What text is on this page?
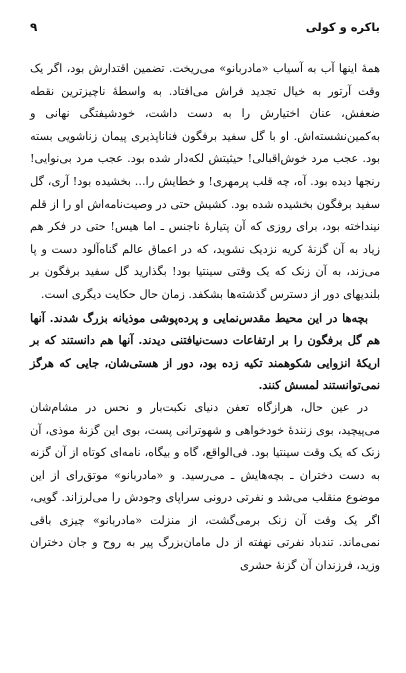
۹	باکره و کولی

همهٔ اینها آب به آسیاب «مادربانو» می‌ریخت. تضمین اقتدارش بود، اگر یک وقت آرتور به خیال تجدید فراش می‌افتاد. به واسطهٔ ناچیزترین نقطه ضعفش، عنان اختیارش را به دست داشت، خودشیفتگی نهانی و به‌کمین‌نشسته‌اش. او با گل سفید برفگون فناناپذیری پیمان زناشویی بسته بود. عجب مرد خوش‌اقبالی! حیثیتش لکه‌دار شده بود. عجب مرد بی‌نوایی! رنجها دیده بود. آه، چه قلب پرمهری! و خطایش را... بخشیده بود! آری، گل سفید برفگون بخشیده شده بود. کشیش حتی در وصیت‌نامه‌اش او را از قلم نینداخته بود، برای روزی که آن پتیارهٔ ناجنس ـ اما هیس! حتی در فکر هم زیاد به آن گزنهٔ کریه نزدیک نشوید، که در اعماق عالم گناه‌آلود دست و پا می‌زند، به آن زنک که یک وقتی سینتیا بود! بگذارید گل سفید برفگون بر بلندیهای دور از دسترس گذشته‌ها بشکفد. زمان حال حکایت دیگری است.

بچه‌ها در این محیط مقدس‌نمایی و پرده‌پوشی موذیانه بزرگ شدند. آنها هم گل برفگون را بر ارتفاعات دست‌نیافتنی دیدند. آنها هم دانستند که بر اریکهٔ انزوایی شکوهمند تکیه زده بود، دور از هستی‌شان، جایی که هرگز نمی‌توانستند لمسش کنند.

در عین حال، هرازگاه تعفن دنیای نکبت‌بار و نحس در مشام‌شان می‌پیچید، بوی زنندهٔ خودخواهی و شهوترانی پست، بوی این گزنهٔ موذی، آن زنک که یک وقت سینتیا بود. فی‌الواقع، گاه و بیگاه، نامه‌ای کوتاه از آن گزنه به دست دختران ـ بچه‌هایش ـ می‌رسید. و «مادربانو» موتق‌رای از این موضوع منقلب می‌شد و نفرتی درونی سراپای وجودش را می‌لرزاند. گویی، اگر یک وقت آن زنک برمی‌گشت، از منزلت «مادربانو» چیزی باقی نمی‌ماند. تندباد نفرتی نهفته از دل مامان‌بزرگ پیر به روح و جان دختران وزید، فرزندان آن گزنهٔ حشری
